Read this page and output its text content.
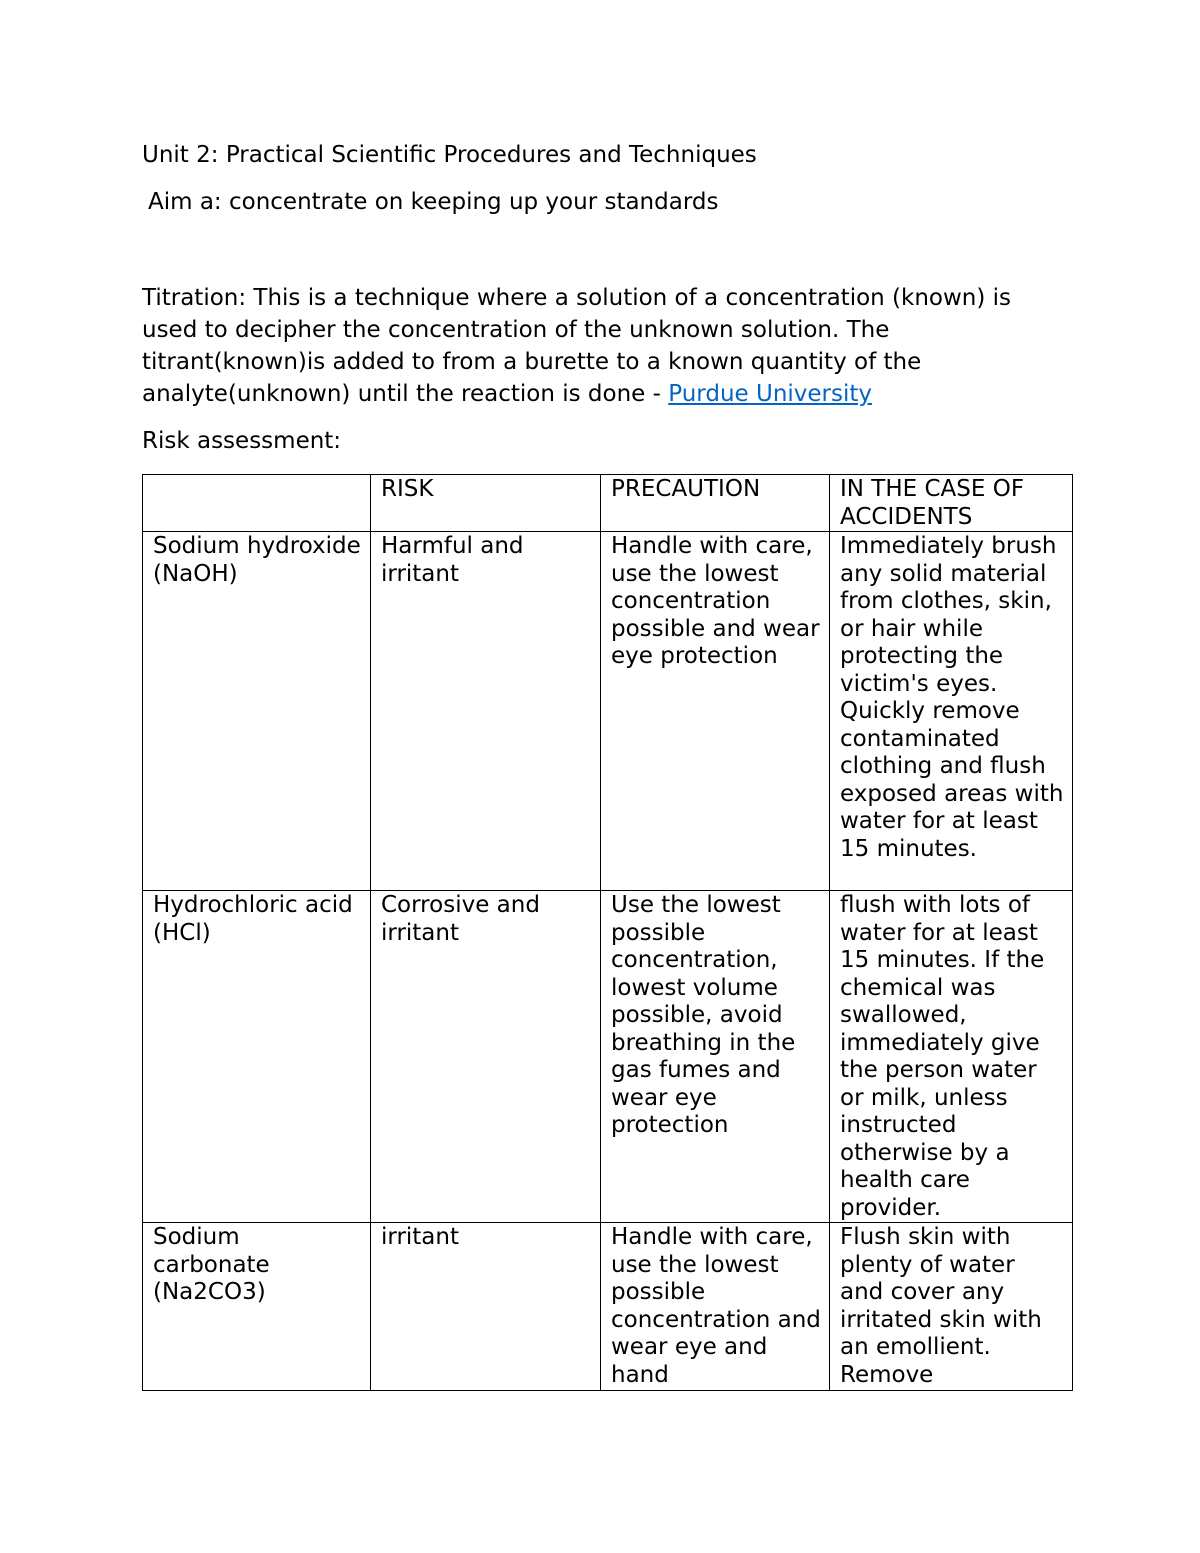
Unit 2: Practical Scientific Procedures and Techniques
Aim a: concentrate on keeping up your standards
Titration: This is a technique where a solution of a concentration (known) is used to decipher the concentration of the unknown solution. The titrant(known)is added to from a burette to a known quantity of the analyte(unknown) until the reaction is done - Purdue University
Risk assessment:
	RISK	PRECAUTION	IN THE CASE OF ACCIDENTS
Sodium hydroxide (NaOH)	Harmful and irritant	Handle with care, use the lowest concentration possible and wear eye protection	Immediately brush any solid material from clothes, skin, or hair while protecting the victim's eyes. Quickly remove contaminated clothing and flush exposed areas with water for at least 15 minutes.
Hydrochloric acid (HCl)	Corrosive and irritant	Use the lowest possible concentration, lowest volume possible, avoid breathing in the gas fumes and wear eye protection	flush with lots of water for at least 15 minutes. If the chemical was swallowed, immediately give the person water or milk, unless instructed otherwise by a health care provider.

Sodium carbonate (Na2CO3)	irritant	Handle with care, use the lowest possible concentration and wear eye and hand	Flush skin with plenty of water and cover any irritated skin with an emollient. Remove
